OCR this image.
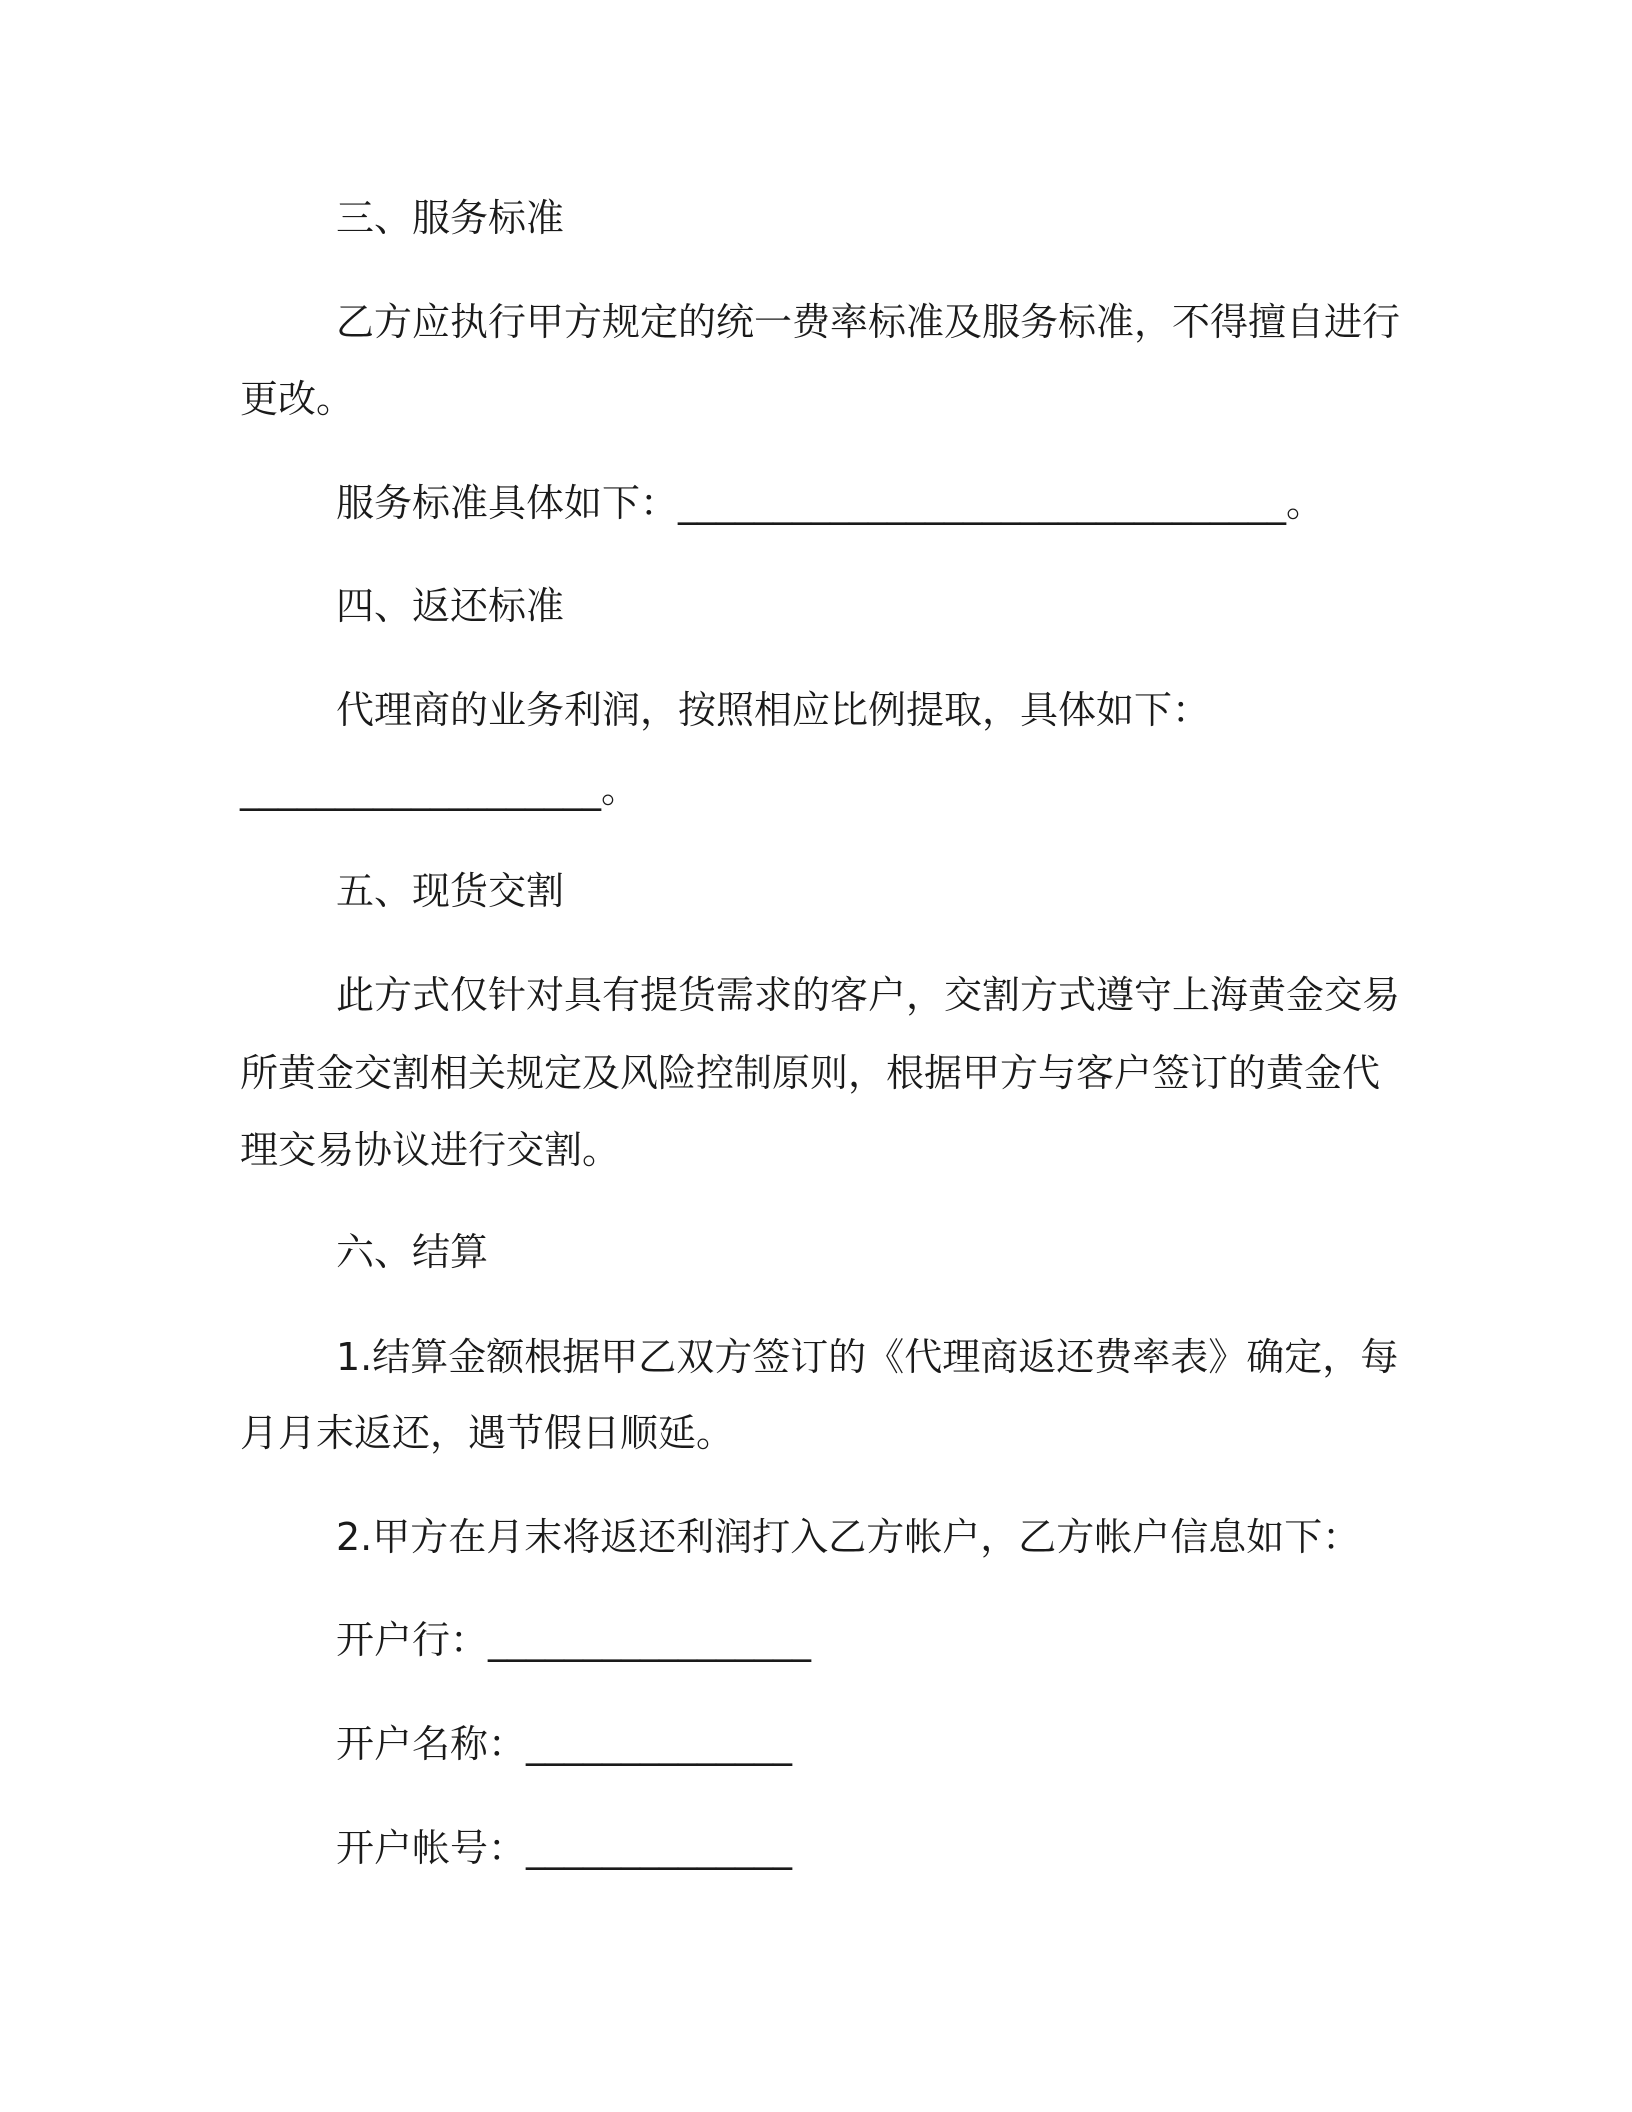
三、服务标准
乙方应执行甲方规定的统一费率标准及服务标准，不得擅自进行
更改。
服务标准具体如下：________________________________。
四、返还标准
代理商的业务利润，按照相应比例提取，具体如下：
___________________。
五、现货交割
此方式仅针对具有提货需求的客户，交割方式遵守上海黄金交易
所黄金交割相关规定及风险控制原则，根据甲方与客户签订的黄金代
理交易协议进行交割。
六、结算
1.结算金额根据甲乙双方签订的《代理商返还费率表》确定，每
月月末返还，遇节假日顺延。
2.甲方在月末将返还利润打入乙方帐户，乙方帐户信息如下：
开户行：_________________
开户名称：______________
开户帐号：______________
